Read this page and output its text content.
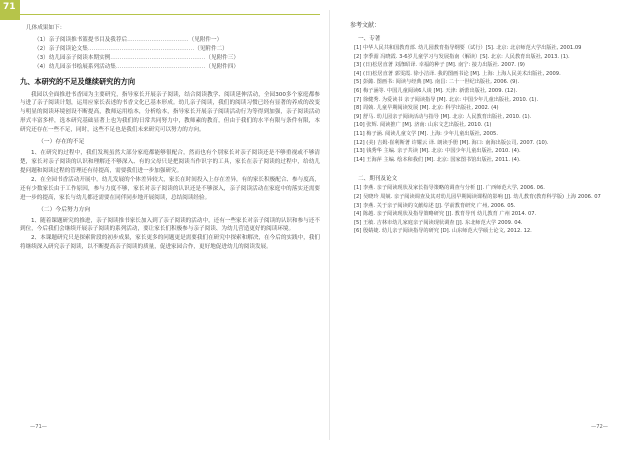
71
几体成果如下：
（1）亲子阅读推书篮提书目及我荐后……………………………（见附件一）
（2）亲子阅读论文集…………………………………………………（见附件二）
（3）幼儿园亲子阅读本期实例……………………………………………（见附件三）
（4）幼儿园亲书绘展系列活动集…………………………………………（见附件四）
九、本研究的不足及继续研究的方向

我园以全面推进书香园为主要研究，指导家长开展亲子阅读，结合阅读教学、阅读延伸活动，全园300多个家庭都参与进了亲子阅读计划，运用应家长表述的书香文化已基本形成。幼儿亲子阅读，我们的阅读习惯已经有显著的养成的改变与明显的阅读环境创设不断提高，教师运用绘本，分析绘本，指导家长开展亲子阅读活动行为等得到加强，亲子阅读活动形式丰富多样，选本研究基础显著上也为我们的日常共同努力中，教师素的教育，但由于我们的水平有限与条件有限，本研究还存在一些不足，同时，这些不足也是我们未来研究可以努力的方向。

（一）存在的不足

1、在研究的过程中，我们发现虽然大部分家庭都能够很配合，然而也有个别家长对亲子阅读还是不够重视或不够清楚，家长对亲子阅读的认识和理解还不够深入、有的父母只是把阅读当作识字的工具，家长在亲子阅读的过程中，给幼儿提问题和阅读过程的管理还有待提高，需要我们进一步加强研究。

2、在全园书香活动开展中，幼儿发展的个体差异较大，家长在时间投入上存在差异，有的家长积极配合、参与度高，还有少数家长由于工作原因，参与力度不够，家长对亲子阅读的认识还是不够深入，亲子阅读活动在家庭中的落实还需要进一步的提高，家长与幼儿都还需要在同伴同步地开展阅读，总结阅读经验。

（二）今后努力方向

1、随着课题研究的推进，亲子阅读推书家长加入到了亲子阅读的活动中，还有一些家长对亲子阅读的认识和参与还不到位，今后我们会继续开展亲子阅读的系列活动，要让家长们积极参与亲子阅读、为幼儿营造更好的阅读环境。

2、本课题研究只是探索阶段的初步成果，家长更多的问题更是需要我们在研究中探索和解决，在今后的实践中，我们将继续深入研究亲子阅读，以不断提高亲子阅读的质量，促进家园合作，更好地促进幼儿的阅读发展。

参考文献：
一、专著
[1] 中华人民共和国教育部. 幼儿园教育指导纲要（试行）[S]. 北京: 北京师范大学出版社, 2001.09
[2] 李季湄 冯晓霞. 3-6岁儿童学习与发展指南（解读）[S]. 北京: 人民教育出版社, 2013. (1).
[3] (日)松居直著 刘涤昭译. 幸福的种子 [M]. 南宁: 接力出版社. 2007. (9)
[4] (日)松居直著 郭雯霞. 徐小洁译. 我的图画书论 [M]. 上海: 上海人民美术出版社, 2009.
[5] 彭懿. 图画书: 阅读与经典 [M]. 南昌: 二十一世纪出版社, 2006. (9).
[6] 梅子涵等. 中国儿童阅读6人谈 [M]. 天津: 新蕾出版社, 2009. (12).
[7] 徐健秀. 为爱读书 亲子阅读指导 [M]. 北京: 中国少年儿童出版社, 2010. (1).
[8] 周兢. 儿童早期阅读发展 [M]. 北京: 科学出版社, 2002. (4)
[9] 舒马. 幼儿园亲子阅读活动与指导 [M]. 北京: 人民教育出版社, 2010. (1).
[10] 张辉. 阅读推广 [M]. 济南: 山东文艺出版社, 2010. (1)
[11] 梅子涵. 阅读儿童文学 [M]. 上海: 少年儿童出版社, 2005.
[12] (美) 吉姆·崔利斯著 许耀云 译. 朗读手册 [M]. 海口: 南海出版公司, 2007. (10).
[13] 钱秀华 主编. 亲子共读 [M]. 北京: 中国少年儿童出版社, 2010. (4).
[14] 王海萍 主编. 绘本和我们 [M]. 北京: 国家图书馆出版社, 2011. (4).
二、期刊及论文
[1] 李燕. 亲子阅读现状及家长指导策略的调查与分析 [J]. 广西师范大学, 2006. 06.
[2] 吴晓玲 周兢. 亲子阅读调查及其对幼儿园早期阅读课程的影响 [J]. 幼儿教育(教育科学版) 上海 2006. 07
[3] 李燕. 关于亲子阅读的文献综述 [J]. 学前教育研究 广州, 2006. 05.
[4] 陈越. 亲子阅读现状及指导策略研究 [J]. 教育导刊 幼儿教育 广州 2014. 07.
[5] 王敏. 吉林市幼儿家庭亲子阅读现状调查 [J]. 东北师范大学 2009. 04.
[6] 殷婧婕. 幼儿亲子阅读指导的研究 [D]. 山东师范大学硕士论文, 2012. 12.
—71—	—72—
